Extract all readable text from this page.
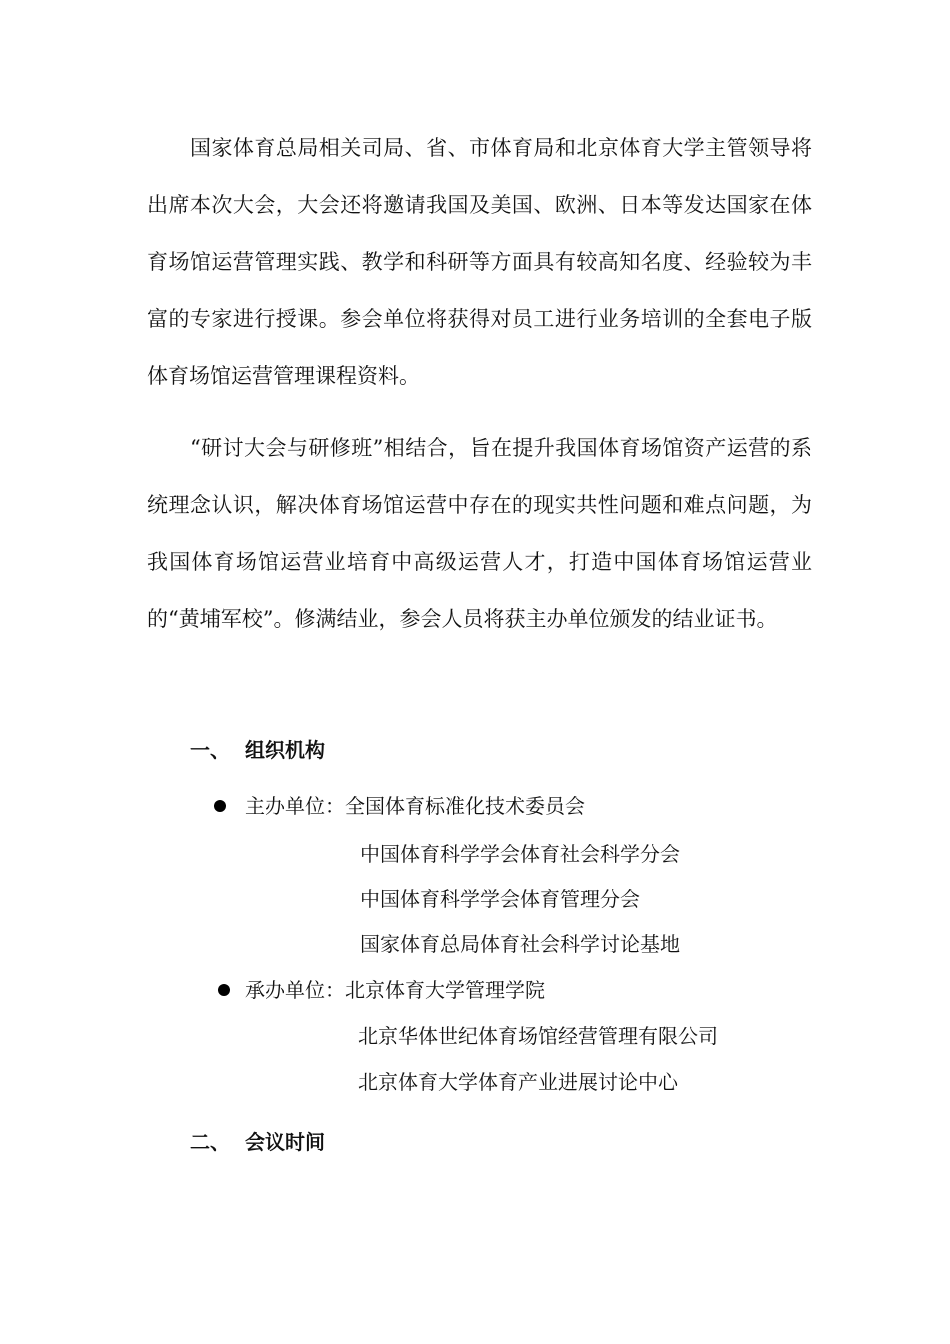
国家体育总局相关司局、省、市体育局和北京体育大学主管领导将出席本次大会，大会还将邀请我国及美国、欧洲、日本等发达国家在体育场馆运营管理实践、教学和科研等方面具有较高知名度、经验较为丰富的专家进行授课。参会单位将获得对员工进行业务培训的全套电子版体育场馆运营管理课程资料。

“研讨大会与研修班”相结合，旨在提升我国体育场馆资产运营的系统理念认识，解决体育场馆运营中存在的现实共性问题和难点问题，为我国体育场馆运营业培育中高级运营人才，打造中国体育场馆运营业的“黄埔军校”。修满结业，参会人员将获主办单位颁发的结业证书。

一、 组织机构
主办单位：全国体育标准化技术委员会
中国体育科学学会体育社会科学分会
中国体育科学学会体育管理分会
国家体育总局体育社会科学讨论基地
承办单位：北京体育大学管理学院
北京华体世纪体育场馆经营管理有限公司
北京体育大学体育产业进展讨论中心
二、 会议时间
